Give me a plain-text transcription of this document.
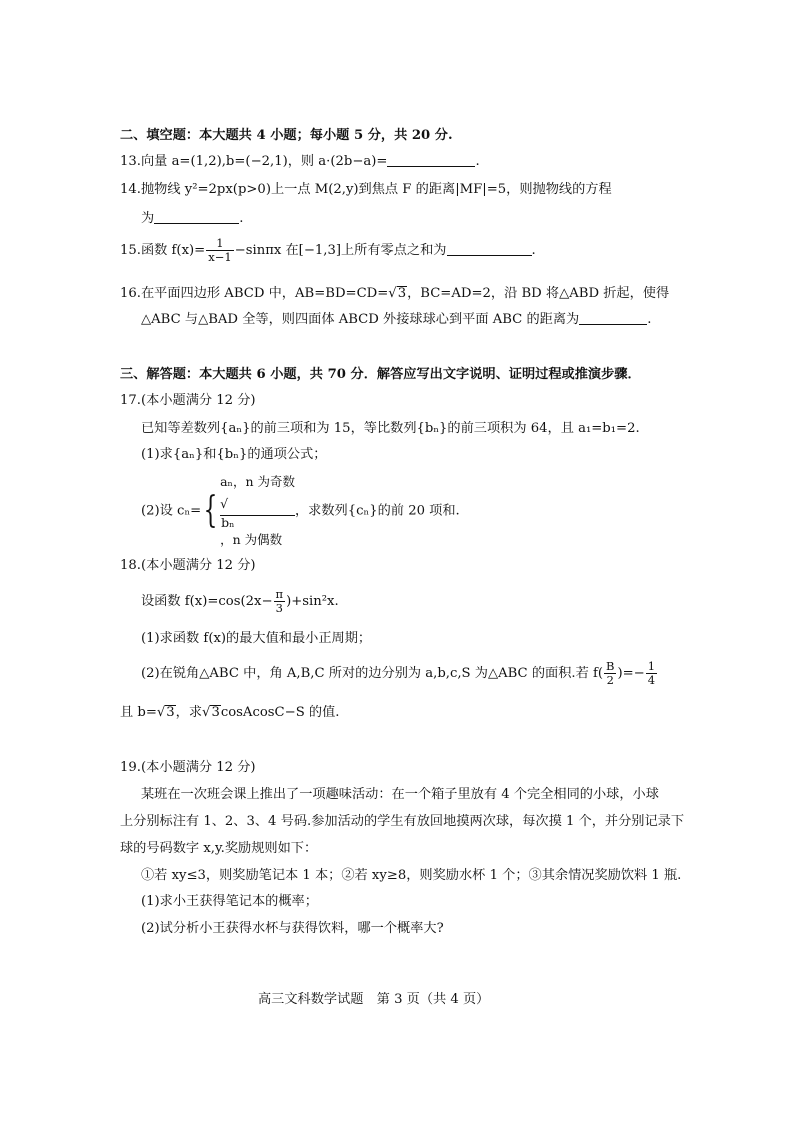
二、填空题：本大题共 4 小题；每小题 5 分，共 20 分.
13.向量 a=(1,2),b=(−2,1)，则 a·(2b−a)=	.
14.抛物线 y²=2px(p>0)上一点 M(2,y)到焦点 F 的距离|MF|=5，则抛物线的方程
为	.
15.函数 $f(x)= \frac{1}{x-1} -\sin\pi x$ 在[−1,3]上所有零点之和为	.
16.在平面四边形 ABCD 中，AB=BD=CD=√3，BC=AD=2，沿 BD 将△ABD 折起，使得
△ABC 与△BAD 全等，则四面体 ABCD 外接球球心到平面 ABC 的距离为	.
三、解答题：本大题共 6 小题，共 70 分．解答应写出文字说明、证明过程或推演步骤．
17.(本小题满分 12 分)
已知等差数列{aₙ}的前三项和为 15，等比数列{bₙ}的前三项积为 64，且 a₁=b₁=2.
(1)求{aₙ}和{bₙ}的通项公式；
(2)设 cₙ={
aₙ，n 为奇数
√
bₙ
，n 为偶数
，求数列{cₙ}的前 20 项和.
18.(本小题满分 12 分)
设函数 $f(x)=\cos(2x- \frac{\pi}{3} )+\sin^2x$.
(1)求函数 f(x)的最大值和最小正周期；
(2)在锐角△ABC 中，角 A,B,C 所对的边分别为 a,b,c,S 为△ABC 的面积.若 $f( \frac{B}{2}$ )=− $\frac{1}{4}$
且 b=√3，求√3cosAcosC−S 的值.
19.(本小题满分 12 分)
某班在一次班会课上推出了一项趣味活动：在一个箱子里放有 4 个完全相同的小球，小球
上分别标注有 1、2、3、4 号码.参加活动的学生有放回地摸两次球，每次摸 1 个，并分别记录下
球的号码数字 x,y.奖励规则如下：
①若 xy≤3，则奖励笔记本 1 本；②若 xy≥8，则奖励水杯 1 个；③其余情况奖励饮料 1 瓶.
(1)求小王获得笔记本的概率；
(2)试分析小王获得水杯与获得饮料，哪一个概率大?
高三文科数学试题　第 3 页（共 4 页）
